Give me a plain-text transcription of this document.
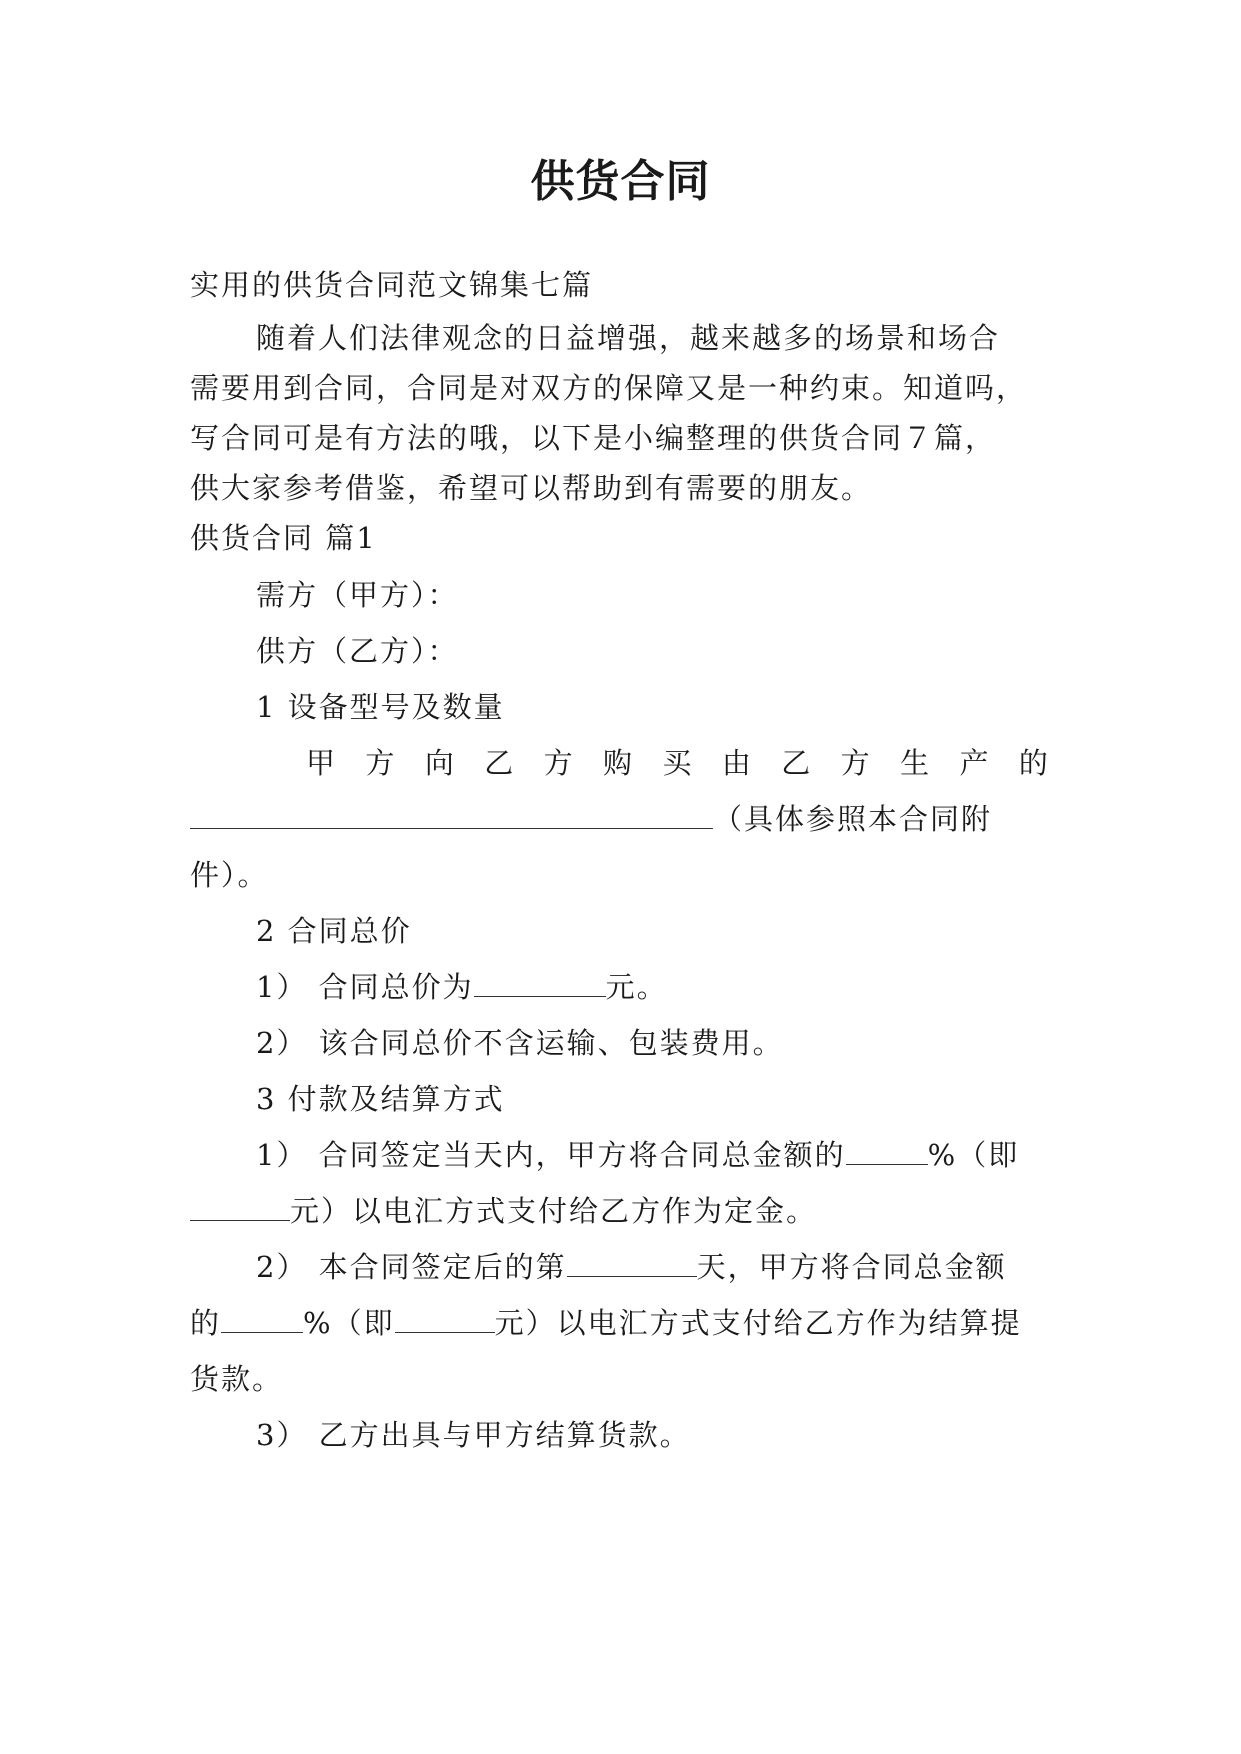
供货合同
实用的供货合同范文锦集七篇
随着人们法律观念的日益增强，越来越多的场景和场合
需要用到合同，合同是对双方的保障又是一种约束。知道吗，
写合同可是有方法的哦，以下是小编整理的供货合同７篇，
供大家参考借鉴，希望可以帮助到有需要的朋友。
供货合同 篇1
需方（甲方）：
供方（乙方）：
1 设备型号及数量
甲 方 向 乙 方 购 买 由 乙 方 生 产 的
（具体参照本合同附
件）。
2 合同总价
1） 合同总价为	元。
2） 该合同总价不含运输、包装费用。
3 付款及结算方式
1） 合同签定当天内，甲方将合同总金额的	%（即
元）以电汇方式支付给乙方作为定金。
2） 本合同签定后的第	天，甲方将合同总金额
的	%（即	元）以电汇方式支付给乙方作为结算提
货款。
3） 乙方出具与甲方结算货款。
